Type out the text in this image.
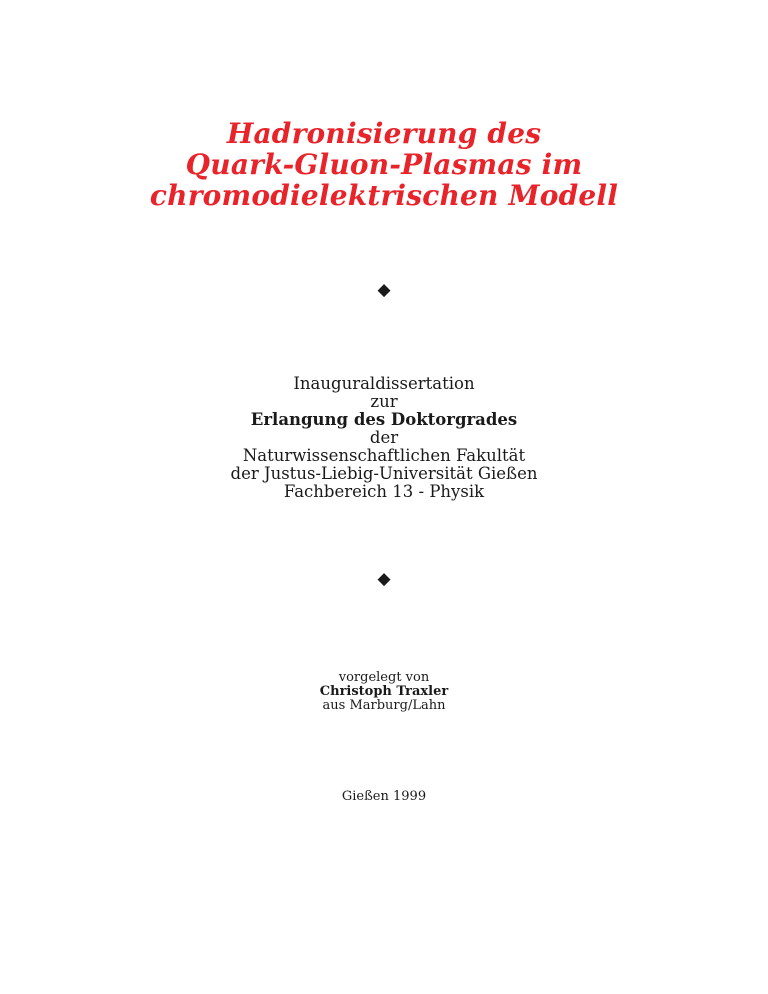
Hadronisierung des
Quark-Gluon-Plasmas im
chromodielektrischen Modell
◆
Inauguraldissertation
zur
Erlangung des Doktorgrades
der
Naturwissenschaftlichen Fakultät
der Justus-Liebig-Universität Gießen
Fachbereich 13 - Physik
◆
vorgelegt von
Christoph Traxler
aus Marburg/Lahn
Gießen 1999
